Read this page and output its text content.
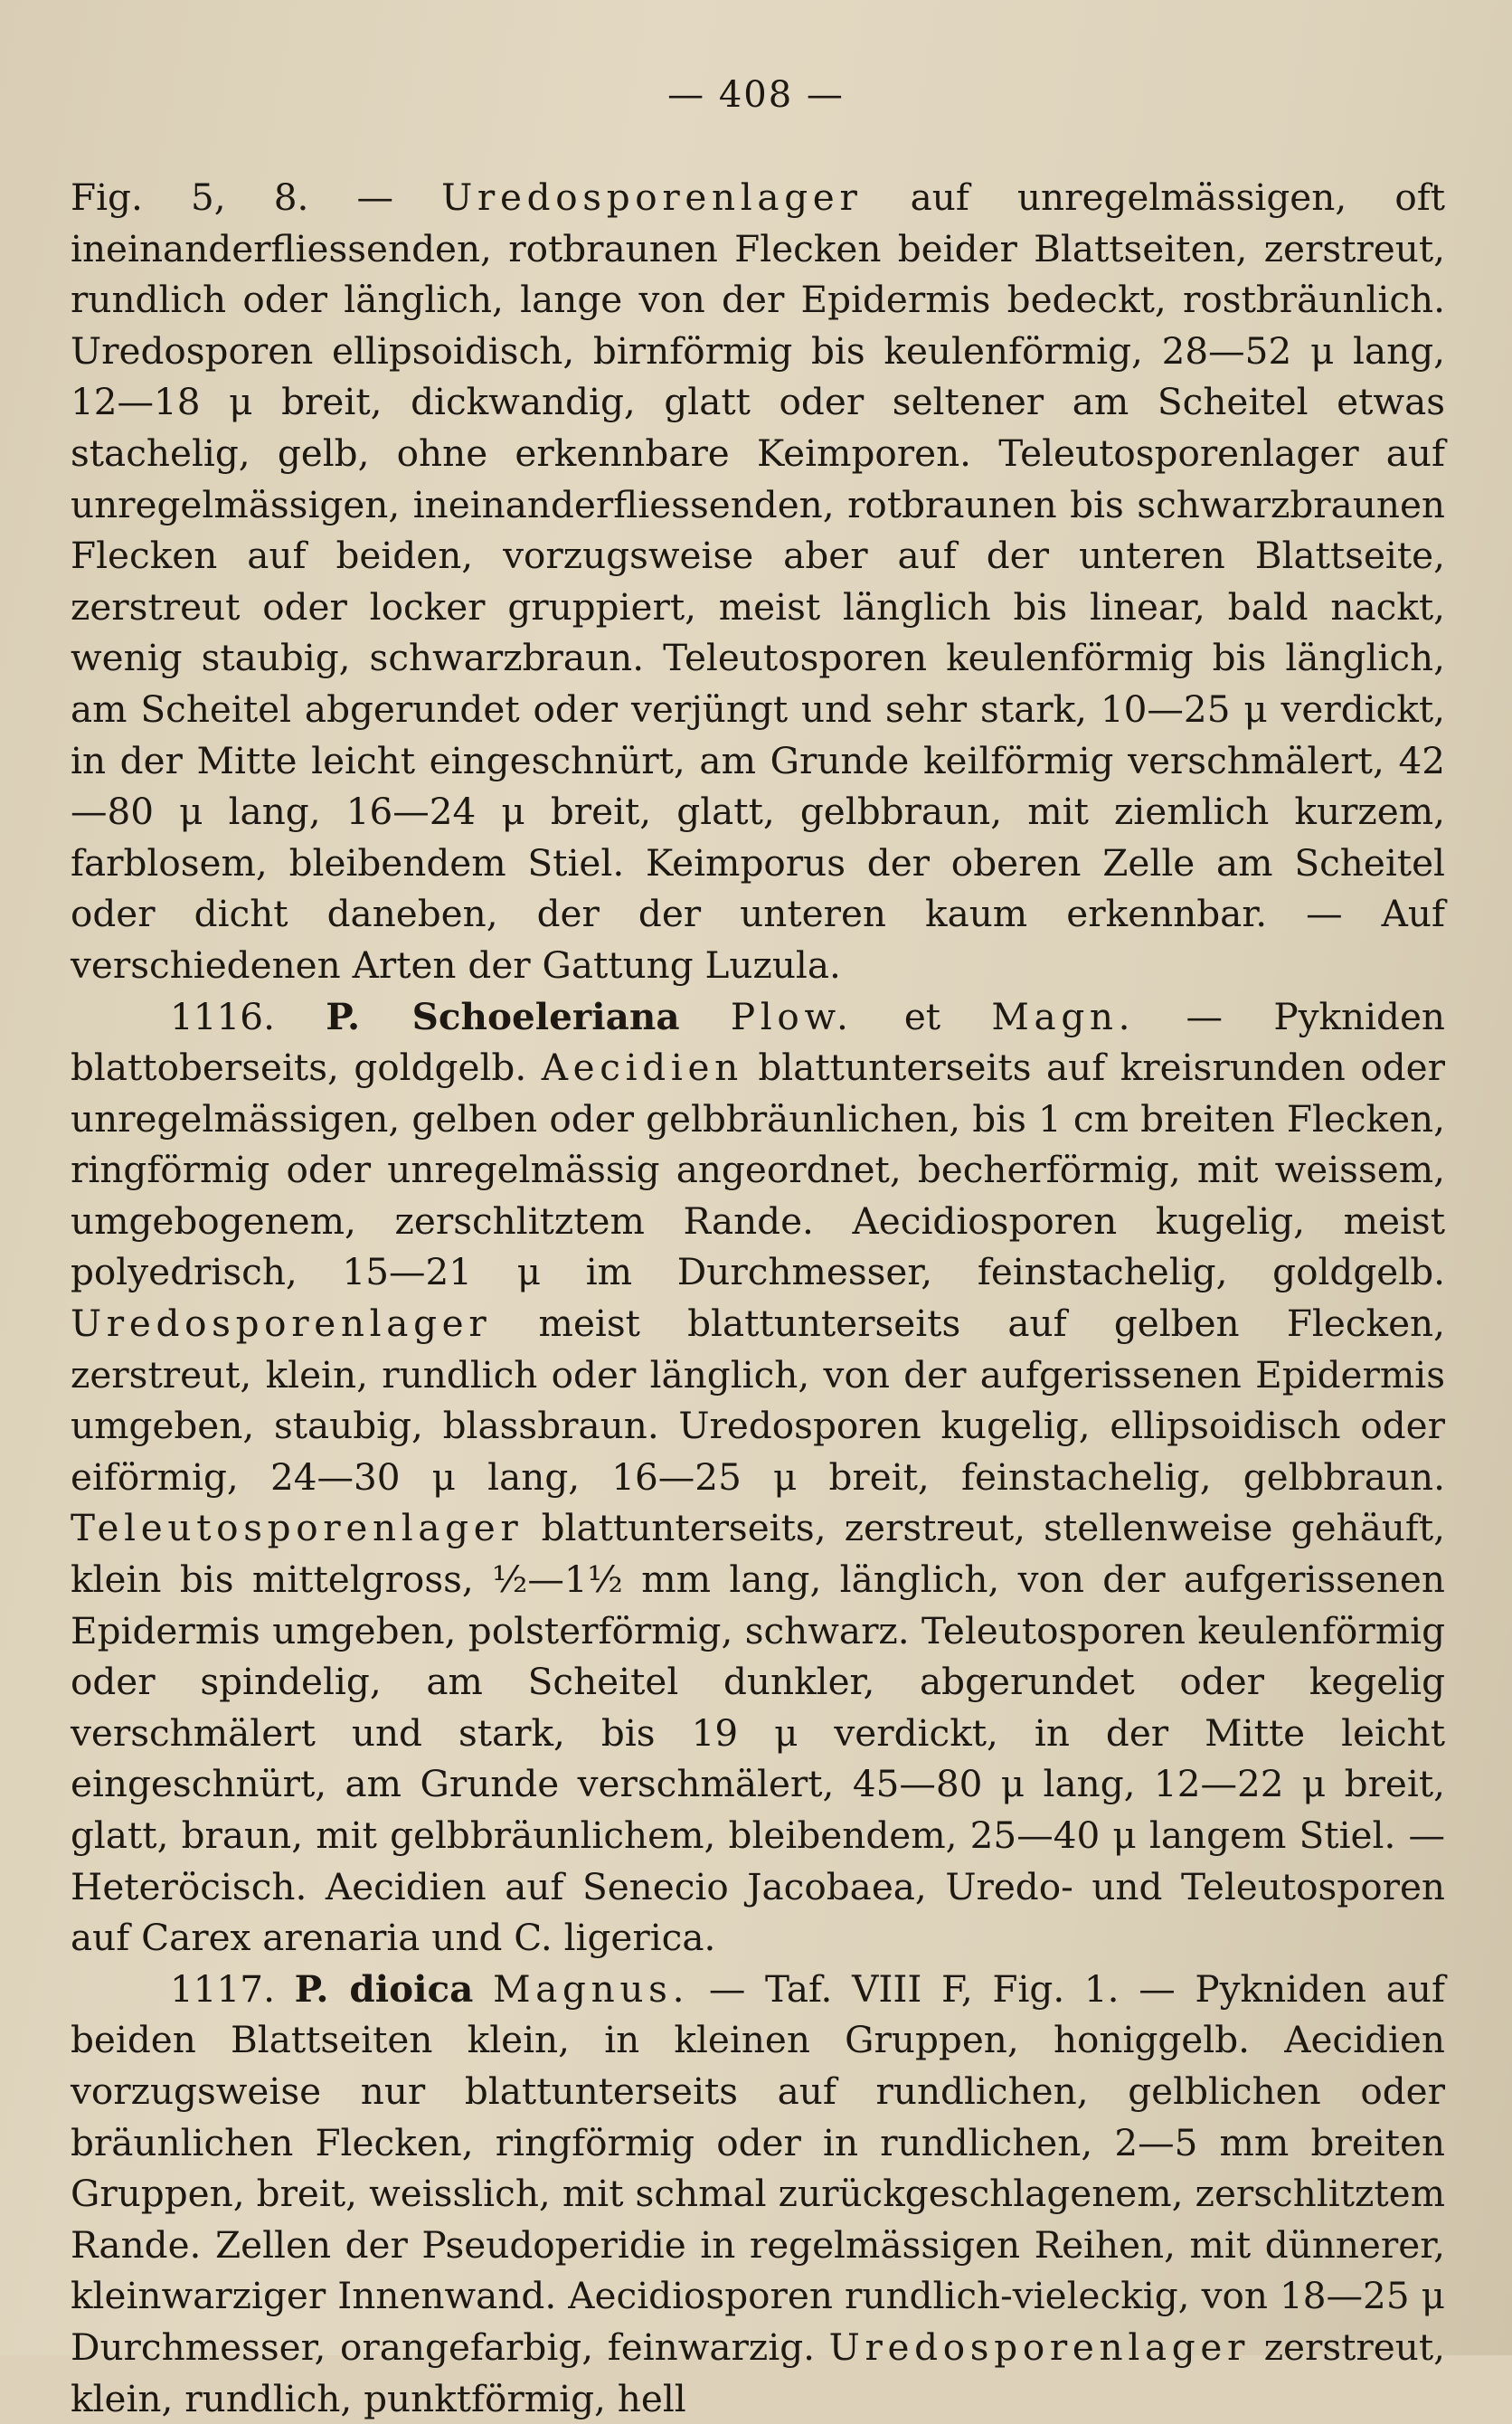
— 408 —

Fig. 5, 8. — Uredosporenlager auf unregelmässigen, oft ineinanderfliessenden, rotbraunen Flecken beider Blattseiten, zerstreut, rundlich oder länglich, lange von der Epidermis bedeckt, rostbräunlich. Uredosporen ellipsoidisch, birnförmig bis keulenförmig, 28—52 μ lang, 12—18 μ breit, dickwandig, glatt oder seltener am Scheitel etwas stachelig, gelb, ohne erkennbare Keimporen. Teleutosporenlager auf unregelmässigen, ineinanderfliessenden, rotbraunen bis schwarzbraunen Flecken auf beiden, vorzugsweise aber auf der unteren Blattseite, zerstreut oder locker gruppiert, meist länglich bis linear, bald nackt, wenig staubig, schwarzbraun. Teleutosporen keulenförmig bis länglich, am Scheitel abgerundet oder verjüngt und sehr stark, 10—25 μ verdickt, in der Mitte leicht eingeschnürt, am Grunde keilförmig verschmälert, 42—80 μ lang, 16—24 μ breit, glatt, gelbbraun, mit ziemlich kurzem, farblosem, bleibendem Stiel. Keimporus der oberen Zelle am Scheitel oder dicht daneben, der der unteren kaum erkennbar. — Auf verschiedenen Arten der Gattung Luzula.

1116. P. Schoeleriana Plow. et Magn. — Pykniden blattoberseits, goldgelb. Aecidien blattunterseits auf kreisrunden oder unregelmässigen, gelben oder gelbbräunlichen, bis 1 cm breiten Flecken, ringförmig oder unregelmässig angeordnet, becherförmig, mit weissem, umgebogenem, zerschlitztem Rande. Aecidiosporen kugelig, meist polyedrisch, 15—21 μ im Durchmesser, feinstachelig, goldgelb. Uredosporenlager meist blattunterseits auf gelben Flecken, zerstreut, klein, rundlich oder länglich, von der aufgerissenen Epidermis umgeben, staubig, blassbraun. Uredosporen kugelig, ellipsoidisch oder eiförmig, 24—30 μ lang, 16—25 μ breit, feinstachelig, gelbbraun. Teleutosporenlager blattunterseits, zerstreut, stellenweise gehäuft, klein bis mittelgross, ½—1½ mm lang, länglich, von der aufgerissenen Epidermis umgeben, polsterförmig, schwarz. Teleutosporen keulenförmig oder spindelig, am Scheitel dunkler, abgerundet oder kegelig verschmälert und stark, bis 19 μ verdickt, in der Mitte leicht eingeschnürt, am Grunde verschmälert, 45—80 μ lang, 12—22 μ breit, glatt, braun, mit gelbbräunlichem, bleibendem, 25—40 μ langem Stiel. — Heteröcisch. Aecidien auf Senecio Jacobaea, Uredo- und Teleutosporen auf Carex arenaria und C. ligerica.

1117. P. dioica Magnus. — Taf. VIII F, Fig. 1. — Pykniden auf beiden Blattseiten klein, in kleinen Gruppen, honiggelb. Aecidien vorzugsweise nur blattunterseits auf rundlichen, gelblichen oder bräunlichen Flecken, ringförmig oder in rundlichen, 2—5 mm breiten Gruppen, breit, weisslich, mit schmal zurückgeschlagenem, zerschlitztem Rande. Zellen der Pseudoperidie in regelmässigen Reihen, mit dünnerer, kleinwarziger Innenwand. Aecidiosporen rundlich-vieleckig, von 18—25 μ Durchmesser, orangefarbig, feinwarzig. Uredosporenlager zerstreut, klein, rundlich, punktförmig, hell
